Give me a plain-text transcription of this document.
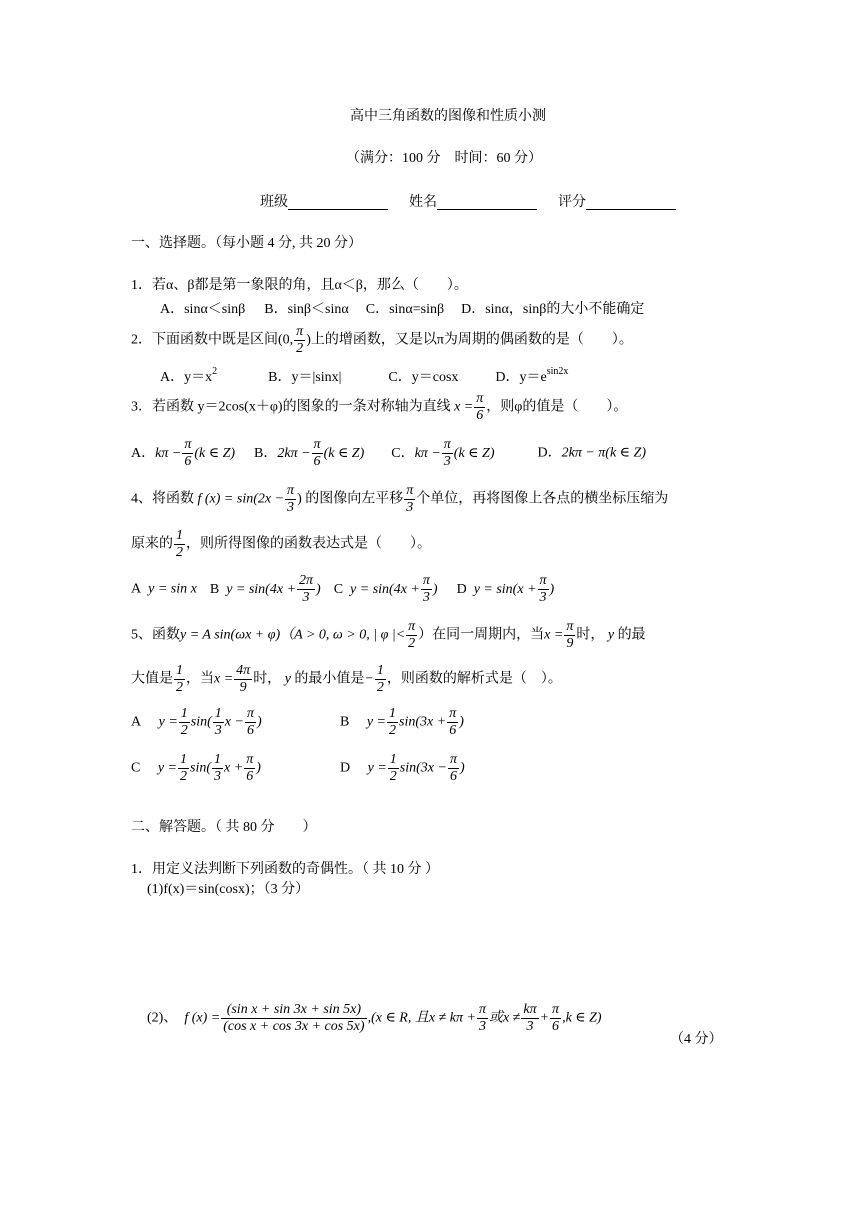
高中三角函数的图像和性质小测
（满分：100 分　时间：60 分）
班级	姓名	评分
一、选择题。（每小题 4 分, 共 20 分）
1．若α、β都是第一象限的角，且α＜β，那么（　　）。
A．sinα＜sinβ B．sinβ＜sinα C．sinα=sinβ D．sinα，sinβ的大小不能确定
2．下面函数中既是区间(0, $\frac{\pi}{2}$ )上的增函数，又是以π为周期的偶函数的是（　　）。
A．$y=x^2$	B．y＝|sinx|	C．y＝cosx	D．$y=e^{sin2x}$
3．若函数 y＝2cos(x＋φ)的图象的一条对称轴为直线 $x = \frac{\pi}{6}$ ，则φ的值是（　　）。
A．$k\pi - \frac{\pi}{6} (k$ ∈ Z) B．$2k\pi - \frac{\pi}{6} (k$ ∈ Z) C．$k\pi - \frac{\pi}{3} (k$ ∈ Z)	D．2kπ − π(k ∈ Z)
4、将函数 f $(x) = \sin(2x - \frac{\pi}{3}$ ) 的图像向左平移 $\frac{\pi}{3}$ 个单位，再将图像上各点的横坐标压缩为
原来的 $\frac{1}{2}$ ，则所得图像的函数表达式是（　　）。
A y = sin x B $y = \sin(4x + \frac{2\pi}{3}$ ) C $y = \sin(4x + \frac{\pi}{3}$ ) D $y = \sin(x + \frac{\pi}{3}$ )
5、函数y = A sin(ωx + φ)（A > 0, ω > 0, | φ |< $\frac{\pi}{2}$ ）在同一周期内，当$x = \frac{\pi}{9}$ 时， y 的最
大值是 $\frac{1}{2}$ ，当$x = \frac{4\pi}{9}$ 时， y 的最小值是− $\frac{1}{2}$ ，则函数的解析式是（　）。
A $y = \frac{1}{2} \sin( \frac{1}{3}$ $x - \frac{\pi}{6}$ )	B $y = \frac{1}{2} \sin(3x + \frac{\pi}{6}$ )
C $y = \frac{1}{2} \sin( \frac{1}{3}$ $x + \frac{\pi}{6}$ )	D $y = \frac{1}{2} \sin(3x - \frac{\pi}{6}$ )
二、解答题。（ 共 80 分　　）
1．用定义法判断下列函数的奇偶性。（ 共 10 分 ）
(1)f(x)＝sin(cosx)；（3 分）
(2)、 f $(x) = \frac{\text{(sin x + sin 3x + sin 5x)}}{\text{(cos x + cos 3x + cos 5x)}} ,(x$ ∈ R, 且$x \ne k\pi + \frac{\pi}{3}$ 或$x \ne \frac{k\pi}{3} + \frac{\pi}{6} ,k$ ∈ Z)
（4 分）
